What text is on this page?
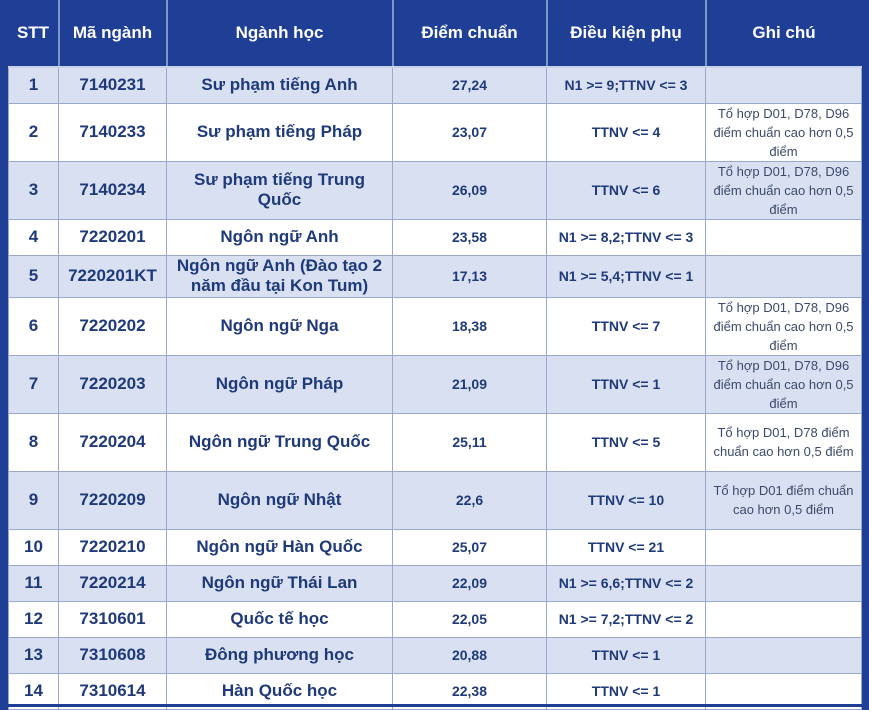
STT	Mã ngành	Ngành học	Điểm chuẩn	Điều kiện phụ	Ghi chú
1	7140231	Sư phạm tiếng Anh	27,24	N1 >= 9;TTNV <= 3	
2	7140233	Sư phạm tiếng Pháp	23,07	TTNV <= 4	Tổ hợp D01, D78, D96 điểm chuẩn cao hơn 0,5 điểm
3	7140234	Sư phạm tiếng Trung Quốc	26,09	TTNV <= 6	Tổ hợp D01, D78, D96 điểm chuẩn cao hơn 0,5 điểm
4	7220201	Ngôn ngữ Anh	23,58	N1 >= 8,2;TTNV <= 3	
5	7220201KT	Ngôn ngữ Anh (Đào tạo 2 năm đầu tại Kon Tum)	17,13	N1 >= 5,4;TTNV <= 1	
6	7220202	Ngôn ngữ Nga	18,38	TTNV <= 7	Tổ hợp D01, D78, D96 điểm chuẩn cao hơn 0,5 điểm
7	7220203	Ngôn ngữ Pháp	21,09	TTNV <= 1	Tổ hợp D01, D78, D96 điểm chuẩn cao hơn 0,5 điểm
8	7220204	Ngôn ngữ Trung Quốc	25,11	TTNV <= 5	Tổ hợp D01, D78 điểm chuẩn cao hơn 0,5 điểm
9	7220209	Ngôn ngữ Nhật	22,6	TTNV <= 10	Tổ hợp D01 điểm chuẩn cao hơn 0,5 điểm
10	7220210	Ngôn ngữ Hàn Quốc	25,07	TTNV <= 21	
11	7220214	Ngôn ngữ Thái Lan	22,09	N1 >= 6,6;TTNV <= 2	
12	7310601	Quốc tế học	22,05	N1 >= 7,2;TTNV <= 2	
13	7310608	Đông phương học	20,88	TTNV <= 1	
14	7310614	Hàn Quốc học	22,38	TTNV <= 1	
